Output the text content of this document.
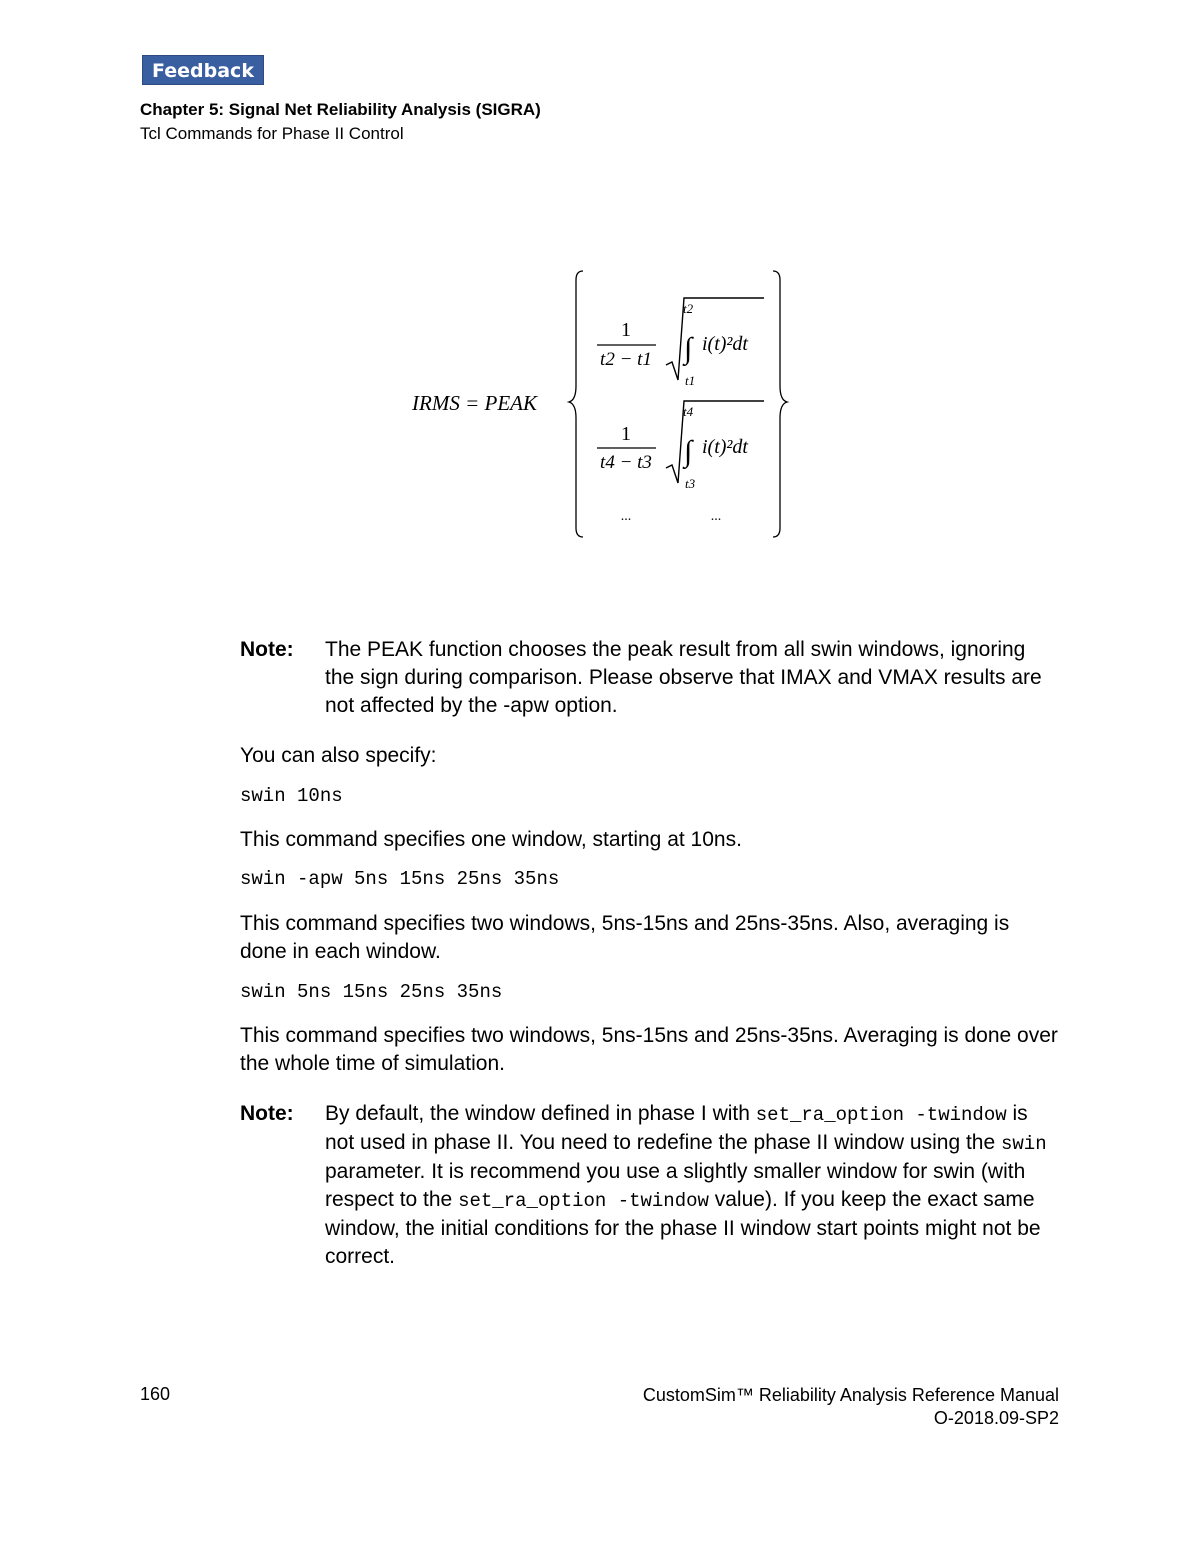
Feedback
Chapter 5: Signal Net Reliability Analysis (SIGRA)
Tcl Commands for Phase II Control
IRMS = PEAK
1
t2 − t1
t2
∫
t1
i(t)²dt
1
t4 − t3
t4
∫
t3
i(t)²dt
...	...
Note:	The PEAK function chooses the peak result from all swin windows, ignoring the sign during comparison. Please observe that IMAX and VMAX results are not affected by the -apw option.
You can also specify:
swin 10ns
This command specifies one window, starting at 10ns.
swin -apw 5ns 15ns 25ns 35ns
This command specifies two windows, 5ns-15ns and 25ns-35ns. Also, averaging is done in each window.
swin 5ns 15ns 25ns 35ns
This command specifies two windows, 5ns-15ns and 25ns-35ns. Averaging is done over the whole time of simulation.
Note:	By default, the window defined in phase I with set_ra_option -twindow is not used in phase II. You need to redefine the phase II window using the swin parameter. It is recommend you use a slightly smaller window for swin (with respect to the set_ra_option -twindow value). If you keep the exact same window, the initial conditions for the phase II window start points might not be correct.
160	CustomSim™ Reliability Analysis Reference Manual
O-2018.09-SP2
